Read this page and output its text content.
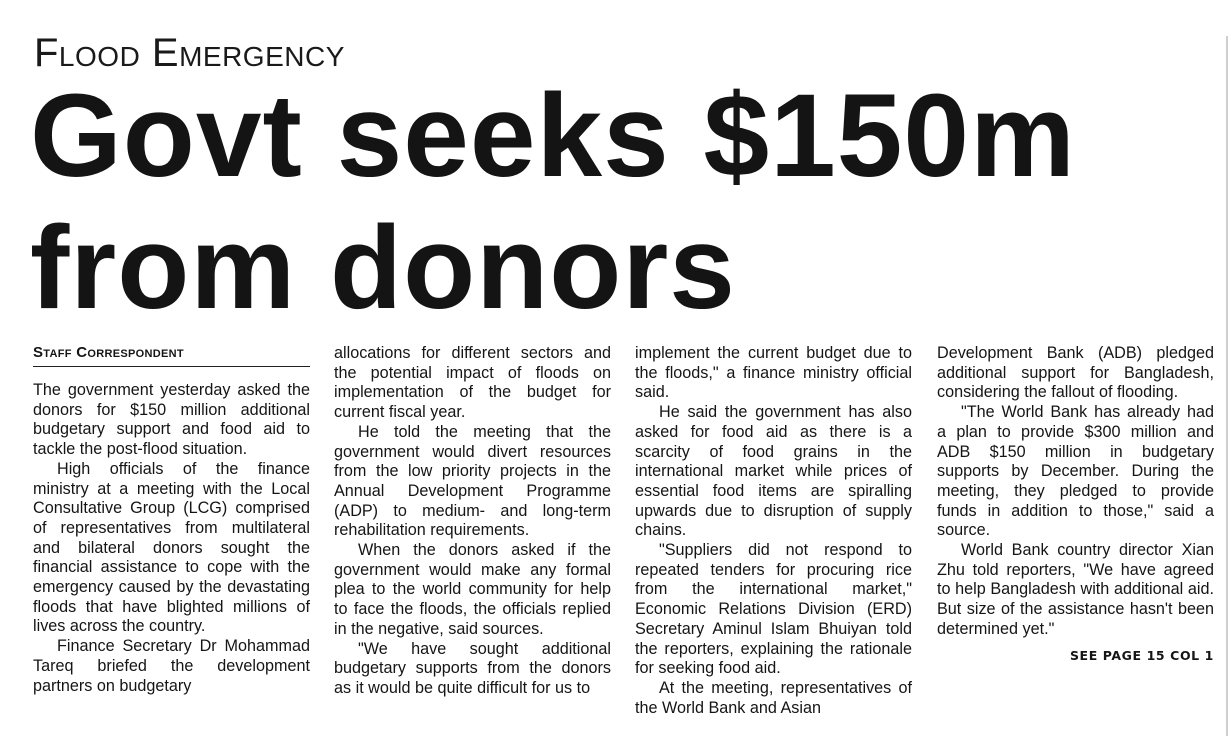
Flood Emergency
Govt seeks $150m
from donors
Staff Correspondent

The government yesterday asked the donors for $150 million additional budgetary support and food aid to tackle the post-flood situation.

High officials of the finance ministry at a meeting with the Local Consultative Group (LCG) comprised of representatives from multilateral and bilateral donors sought the financial assistance to cope with the emergency caused by the devastating floods that have blighted millions of lives across the country.

Finance Secretary Dr Mohammad Tareq briefed the development partners on budgetary

allocations for different sectors and the potential impact of floods on implementation of the budget for current fiscal year.

He told the meeting that the government would divert resources from the low priority projects in the Annual Development Programme (ADP) to medium- and long-term rehabilitation requirements.

When the donors asked if the government would make any formal plea to the world community for help to face the floods, the officials replied in the negative, said sources.

"We have sought additional budgetary supports from the donors as it would be quite difficult for us to

implement the current budget due to the floods," a finance ministry official said.

He said the government has also asked for food aid as there is a scarcity of food grains in the international market while prices of essential food items are spiralling upwards due to disruption of supply chains.

"Suppliers did not respond to repeated tenders for procuring rice from the international market," Economic Relations Division (ERD) Secretary Aminul Islam Bhuiyan told the reporters, explaining the rationale for seeking food aid.

At the meeting, representatives of the World Bank and Asian

Development Bank (ADB) pledged additional support for Bangladesh, considering the fallout of flooding.

"The World Bank has already had a plan to provide $300 million and ADB $150 million in budgetary supports by December. During the meeting, they pledged to provide funds in addition to those," said a source.

World Bank country director Xian Zhu told reporters, "We have agreed to help Bangladesh with additional aid. But size of the assistance hasn't been determined yet."

SEE PAGE 15 COL 1
